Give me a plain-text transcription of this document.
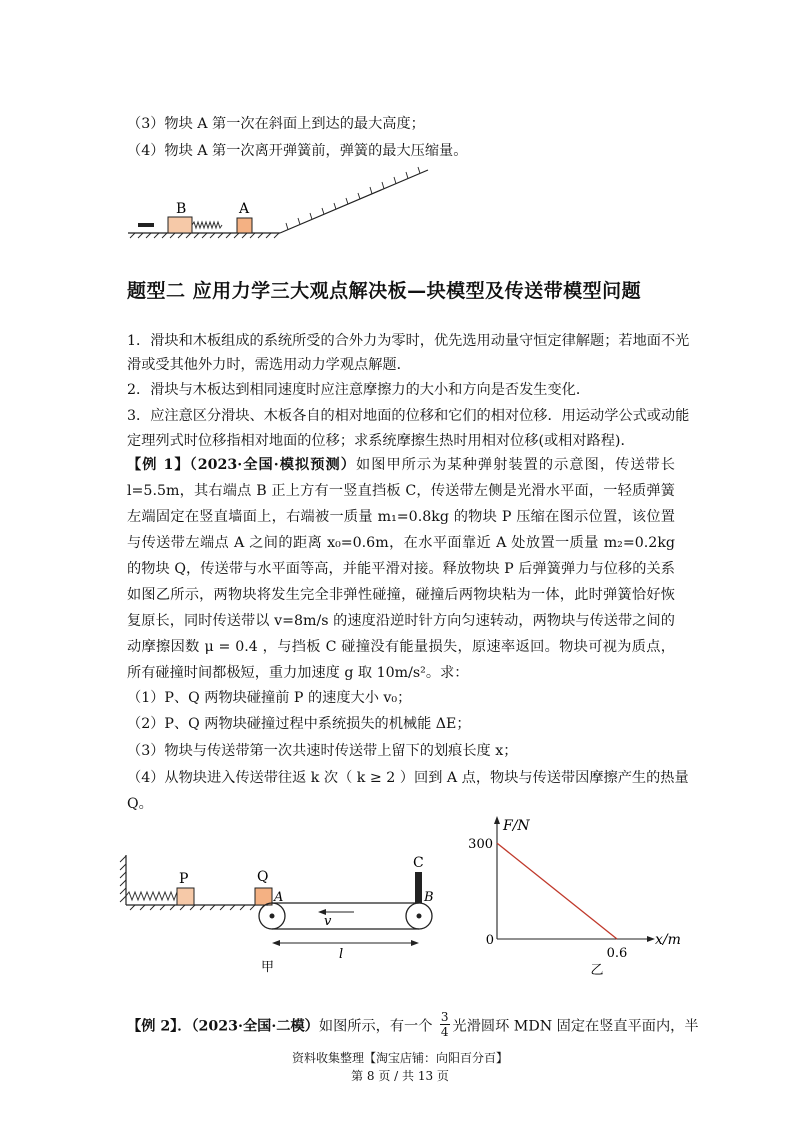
（3）物块 A 第一次在斜面上到达的最大高度；
（4）物块 A 第一次离开弹簧前，弹簧的最大压缩量。
B	A
题型二 应用力学三大观点解决板—块模型及传送带模型问题
1．滑块和木板组成的系统所受的合外力为零时，优先选用动量守恒定律解题；若地面不光
滑或受其他外力时，需选用动力学观点解题．
2．滑块与木板达到相同速度时应注意摩擦力的大小和方向是否发生变化．
3．应注意区分滑块、木板各自的相对地面的位移和它们的相对位移．用运动学公式或动能
定理列式时位移指相对地面的位移；求系统摩擦生热时用相对位移(或相对路程)．
【例 1】（2023·全国·模拟预测）如图甲所示为某种弹射装置的示意图，传送带长 l=5.5m，其右端点 B 正上方有一竖直挡板 C，传送带左侧是光滑水平面，一轻质弹簧左端固定在竖直墙面上，右端被一质量 m₁=0.8kg 的物块 P 压缩在图示位置，该位置与传送带左端点 A 之间的距离 x₀=0.6m，在水平面靠近 A 处放置一质量 m₂=0.2kg 的物块 Q，传送带与水平面等高，并能平滑对接。释放物块 P 后弹簧弹力与位移的关系如图乙所示，两物块将发生完全非弹性碰撞，碰撞后两物块粘为一体，此时弹簧恰好恢复原长，同时传送带以 v=8m/s 的速度沿逆时针方向匀速转动，两物块与传送带之间的动摩擦因数 μ = 0.4 ，与挡板 C 碰撞没有能量损失，原速率返回。物块可视为质点，所有碰撞时间都极短，重力加速度 g 取 10m/s²。求：
（1）P、Q 两物块碰撞前 P 的速度大小 v₀；
（2）P、Q 两物块碰撞过程中系统损失的机械能 ΔE；
（3）物块与传送带第一次共速时传送带上留下的划痕长度 x；
（4）从物块进入传送带往返 k 次（ k ≥ 2 ）回到 A 点，物块与传送带因摩擦产生的热量
Q。
P	Q
A
C
B
v
l
甲
F/N
x/m
300
0
0.6
乙
【例 2】．（2023·全国·二模）如图所示，有一个 $\frac{3}{4}$ 光滑圆环 MDN 固定在竖直平面内，半
资料收集整理【淘宝店铺：向阳百分百】
第 8 页 / 共 13 页
